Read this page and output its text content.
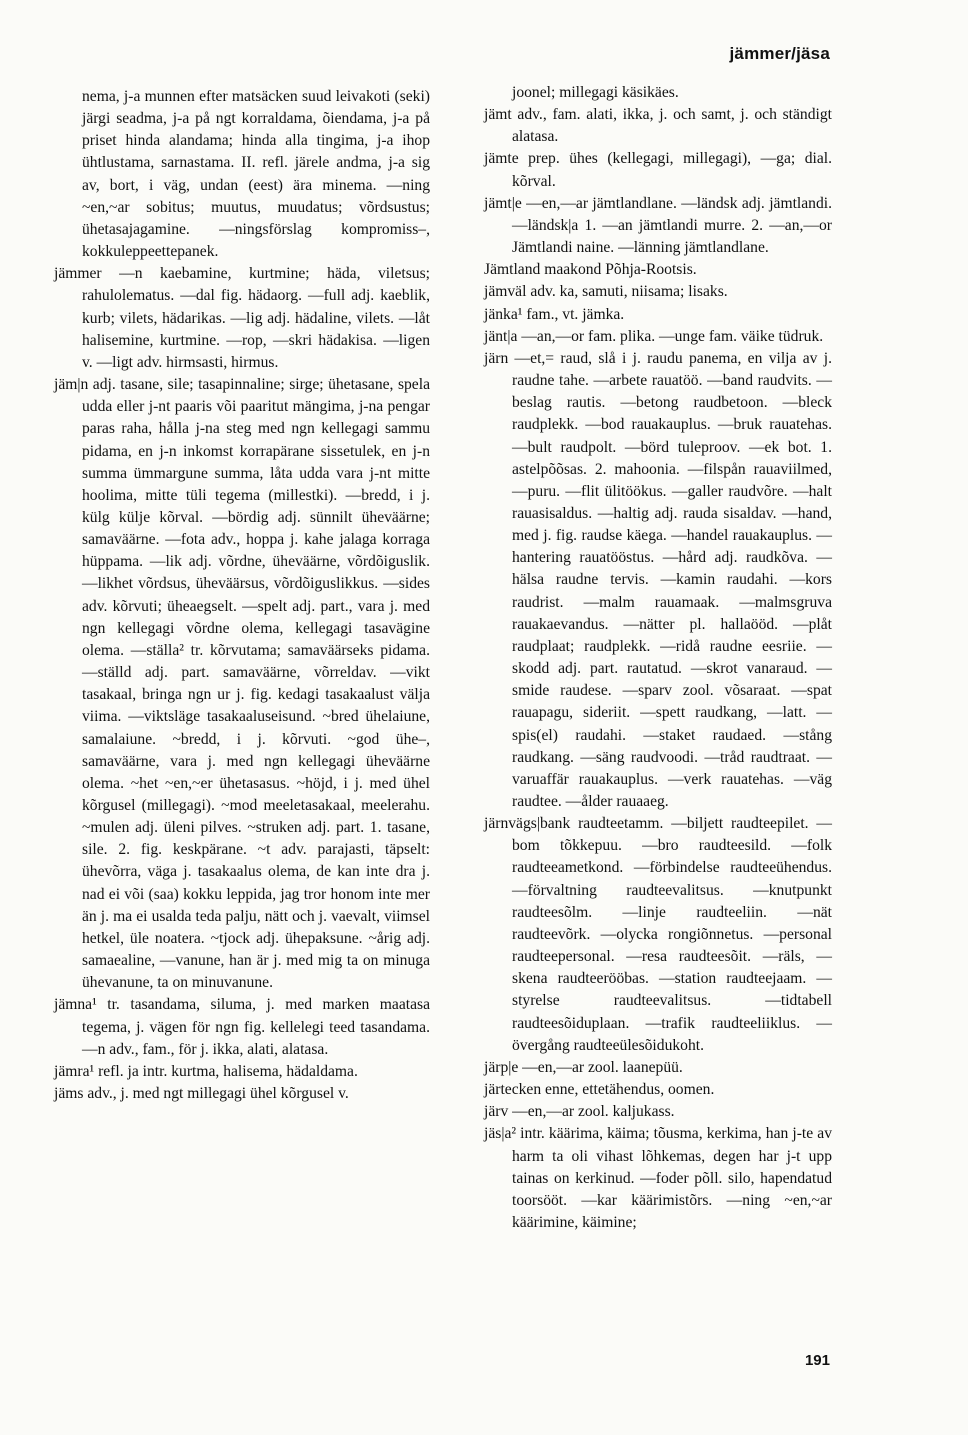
jämmer/jäsa

nema, j-a munnen efter matsäcken suud leivakoti (seki) järgi seadma, j-a på ngt korraldama, õiendama, j-a på priset hinda alandama; hinda alla tingima, j-a ihop ühtlustama, sarnastama. II. refl. järele andma, j-a sig av, bort, i väg, undan (eest) ära minema. —ning ~en,~ar sobitus; muutus, muudatus; võrdsustus; ühetasajagamine. —ningsförslag kompromiss–, kokkuleppeettepanek.

jämmer —n kaebamine, kurtmine; häda, viletsus; rahulolematus. —dal fig. hädaorg. —full adj. kaeblik, kurb; vilets, hädarikas. —lig adj. hädaline, vilets. —låt halisemine, kurtmine. —rop, —skri hädakisa. —ligen v. —ligt adv. hirmsasti, hirmus.

jäm|n adj. tasane, sile; tasapinnaline; sirge; ühetasane, spela udda eller j-nt paaris või paaritut mängima, j-na pengar paras raha, hålla j-na steg med ngn kellegagi sammu pidama, en j-n inkomst korrapärane sissetulek, en j-n summa ümmargune summa, låta udda vara j-nt mitte hoolima, mitte tüli tegema (millestki). —bredd, i j. külg külje kõrval. —bördig adj. sünnilt üheväärne; samaväärne. —fota adv., hoppa j. kahe jalaga korraga hüppama. —lik adj. võrdne, üheväärne, võrdõiguslik. —likhet võrdsus, üheväärsus, võrdõiguslikkus. —sides adv. kõrvuti; üheaegselt. —spelt adj. part., vara j. med ngn kellegagi võrdne olema, kellegagi tasavägine olema. —ställa² tr. kõrvutama; samaväärseks pidama. —ställd adj. part. samaväärne, võrreldav. —vikt tasakaal, bringa ngn ur j. fig. kedagi tasakaalust välja viima. —viktsläge tasakaaluseisund. ~bred ühelaiune, samalaiune. ~bredd, i j. kõrvuti. ~god ühe–, samaväärne, vara j. med ngn kellegagi üheväärne olema. ~het ~en,~er ühetasasus. ~höjd, i j. med ühel kõrgusel (millegagi). ~mod meeletasakaal, meelerahu. ~mulen adj. üleni pilves. ~struken adj. part. 1. tasane, sile. 2. fig. keskpärane. ~t adv. parajasti, täpselt: ühevõrra, väga j. tasakaalus olema, de kan inte dra j. nad ei või (saa) kokku leppida, jag tror honom inte mer än j. ma ei usalda teda palju, nätt och j. vaevalt, viimsel hetkel, üle noatera. ~tjock adj. ühepaksune. ~årig adj. samaealine, —vanune, han är j. med mig ta on minuga ühevanune, ta on minuvanune.

jämna¹ tr. tasandama, siluma, j. med marken maatasa tegema, j. vägen för ngn fig. kellelegi teed tasandama. —n adv., fam., för j. ikka, alati, alatasa.

jämra¹ refl. ja intr. kurtma, halisema, hädaldama.

jäms adv., j. med ngt millegagi ühel kõrgusel v.

joonel; millegagi käsikäes.

jämt adv., fam. alati, ikka, j. och samt, j. och ständigt alatasa.

jämte prep. ühes (kellegagi, millegagi), —ga; dial. kõrval.

jämt|e —en,—ar jämtlandlane. —ländsk adj. jämtlandi. —ländsk|a 1. —an jämtlandi murre. 2. —an,—or Jämtlandi naine. —länning jämtlandlane.

Jämtland maakond Põhja-Rootsis.

jämväl adv. ka, samuti, niisama; lisaks.

jänka¹ fam., vt. jämka.

jänt|a —an,—or fam. plika. —unge fam. väike tüdruk.

järn —et,= raud, slå i j. raudu panema, en vilja av j. raudne tahe. —arbete rauatöö. —band raudvits. —beslag rautis. —betong raudbetoon. —bleck raudplekk. —bod rauakauplus. —bruk rauatehas. —bult raudpolt. —börd tuleproov. —ek bot. 1. astelpõõsas. 2. mahoonia. —filspån rauaviilmed, —puru. —flit ülitöökus. —galler raudvõre. —halt rauasisaldus. —haltig adj. rauda sisaldav. —hand, med j. fig. raudse käega. —handel rauakauplus. —hantering rauatööstus. —hård adj. raudkõva. —hälsa raudne tervis. —kamin raudahi. —kors raudrist. —malm rauamaak. —malmsgruva rauakaevandus. —nätter pl. hallaööd. —plåt raudplaat; raudplekk. —ridå raudne eesriie. —skodd adj. part. rautatud. —skrot vanaraud. —smide raudese. —sparv zool. võsaraat. —spat rauapagu, sideriit. —spett raudkang, —latt. —spis(el) raudahi. —staket raudaed. —stång raudkang. —säng raudvoodi. —tråd raudtraat. —varuaffär rauakauplus. —verk rauatehas. —väg raudtee. —ålder rauaaeg.

järnvägs|bank raudteetamm. —biljett raudteepilet. —bom tõkkepuu. —bro raudteesild. —folk raudteeametkond. —förbindelse raudteeühendus. —förvaltning raudteevalitsus. —knutpunkt raudteesõlm. —linje raudteeliin. —nät raudteevõrk. —olycka rongiõnnetus. —personal raudteepersonal. —resa raudteesõit. —räls, —skena raudteerööbas. —station raudteejaam. —styrelse raudteevalitsus. —tidtabell raudteesõiduplaan. —trafik raudteeliiklus. —övergång raudteeülesõidukoht.

järp|e —en,—ar zool. laanepüü.

järtecken enne, ettetähendus, oomen.

järv —en,—ar zool. kaljukass.

jäs|a² intr. käärima, käima; tõusma, kerkima, han j-te av harm ta oli vihast lõhkemas, degen har j-t upp tainas on kerkinud. —foder põll. silo, hapendatud toorsööt. —kar käärimistõrs. —ning ~en,~ar käärimine, käimine;

191
